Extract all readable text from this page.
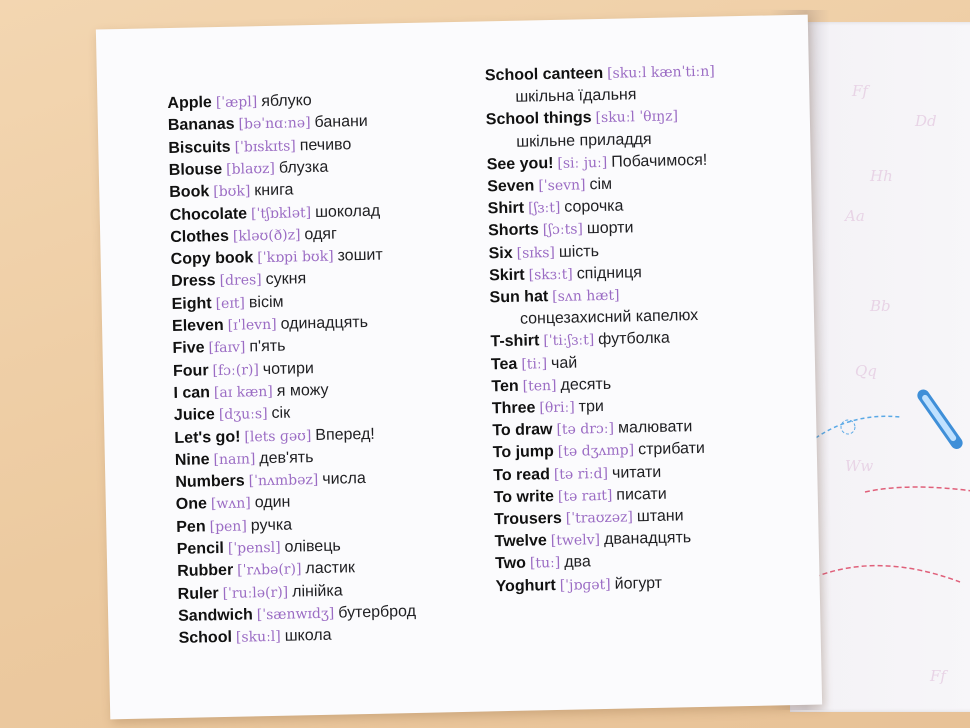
Ff
Dd
Hh
Aa
Bb
Qq
Ww
Ff
Apple [ˈæpl] яблуко
Bananas [bəˈnɑːnə] банани
Biscuits [ˈbɪskɪts] печиво
Blouse [blaʊz] блузка
Book [bʊk] книга
Chocolate [ˈtʃɒklət] шоколад
Clothes [kləʊ(ð)z] одяг
Copy book [ˈkɒpi bʊk] зошит
Dress [dres] сукня
Eight [eɪt] вісім
Eleven [ɪˈlevn] одинадцять
Five [faɪv] п'ять
Four [fɔː(r)] чотири
I can [aɪ kæn] я можу
Juice [dʒuːs] сік
Let's go! [lets ɡəʊ] Вперед!
Nine [naɪn] дев'ять
Numbers [ˈnʌmbəz] числа
One [wʌn] один
Pen [pen] ручка
Pencil [ˈpensl] олівець
Rubber [ˈrʌbə(r)] ластик
Ruler [ˈruːlə(r)] лінійка
Sandwich [ˈsænwɪdʒ] бутерброд
School [skuːl] школа
School canteen [skuːl kænˈtiːn]
шкільна їдальня
School things [skuːl ˈθɪŋz]
шкільне приладдя
See you! [siː juː] Побачимося!
Seven [ˈsevn] сім
Shirt [ʃɜːt] сорочка
Shorts [ʃɔːts] шорти
Six [sɪks] шість
Skirt [skɜːt] спідниця
Sun hat [sʌn hæt]
сонцезахисний капелюх
T-shirt [ˈtiːʃɜːt] футболка
Tea [tiː] чай
Ten [ten] десять
Three [θriː] три
To draw [tə drɔː] малювати
To jump [tə dʒʌmp] стрибати
To read [tə riːd] читати
To write [tə raɪt] писати
Trousers [ˈtraʊzəz] штани
Twelve [twelv] дванадцять
Two [tuː] два
Yoghurt [ˈjɒɡət] йогурт
